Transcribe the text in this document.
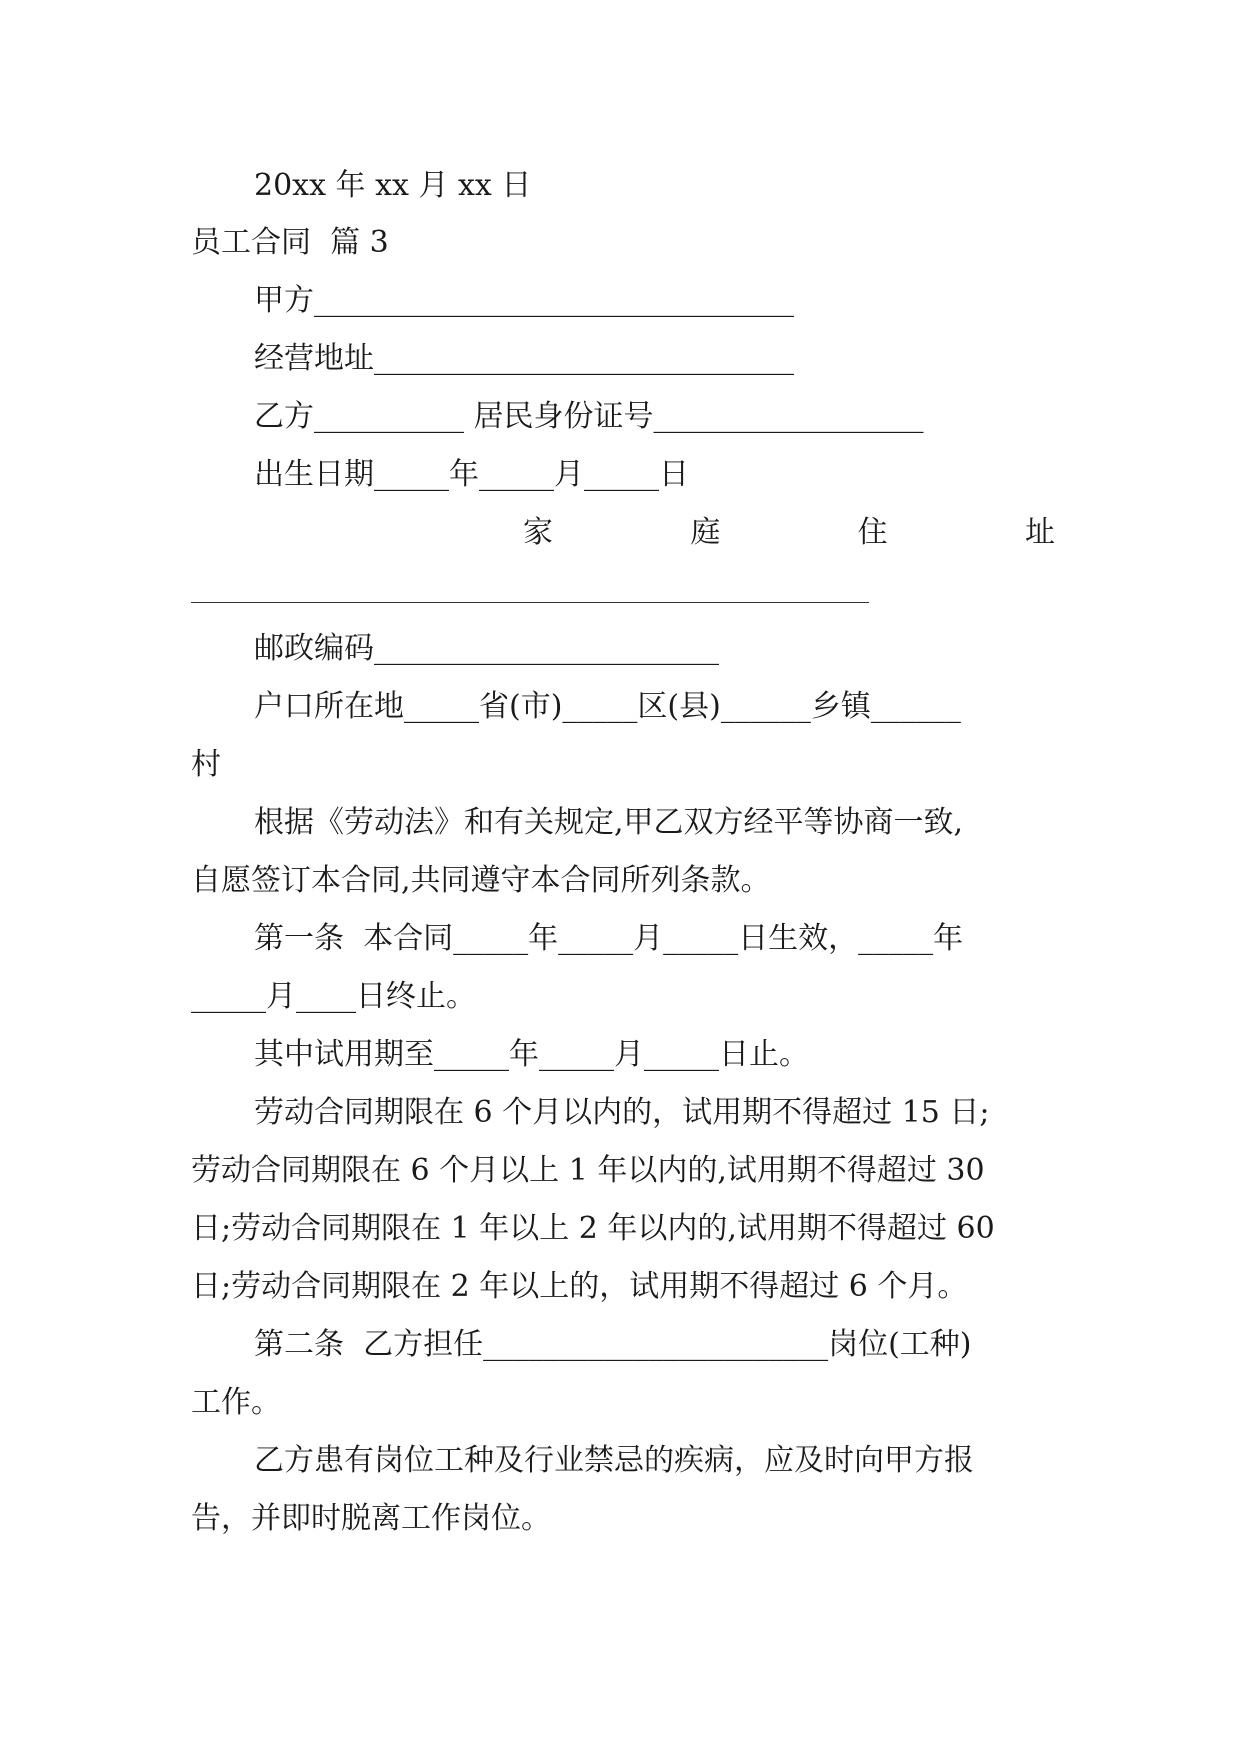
20xx 年 xx 月 xx 日
员工合同  篇 3
甲方________________________________
经营地址____________________________
乙方__________ 居民身份证号__________________
出生日期_____年_____月_____日
家	庭	住	址
邮政编码_______________________
户口所在地_____省(市)_____区(县)______乡镇______
村
根据《劳动法》和有关规定,甲乙双方经平等协商一致,
自愿签订本合同,共同遵守本合同所列条款。
第一条  本合同_____年_____月_____日生效，_____年
_____月____日终止。
其中试用期至_____年_____月_____日止。
劳动合同期限在 6 个月以内的，试用期不得超过 15 日;
劳动合同期限在 6 个月以上 1 年以内的,试用期不得超过 30
日;劳动合同期限在 1 年以上 2 年以内的,试用期不得超过 60
日;劳动合同期限在 2 年以上的，试用期不得超过 6 个月。
第二条  乙方担任_______________________岗位(工种)
工作。
乙方患有岗位工种及行业禁忌的疾病，应及时向甲方报
告，并即时脱离工作岗位。
